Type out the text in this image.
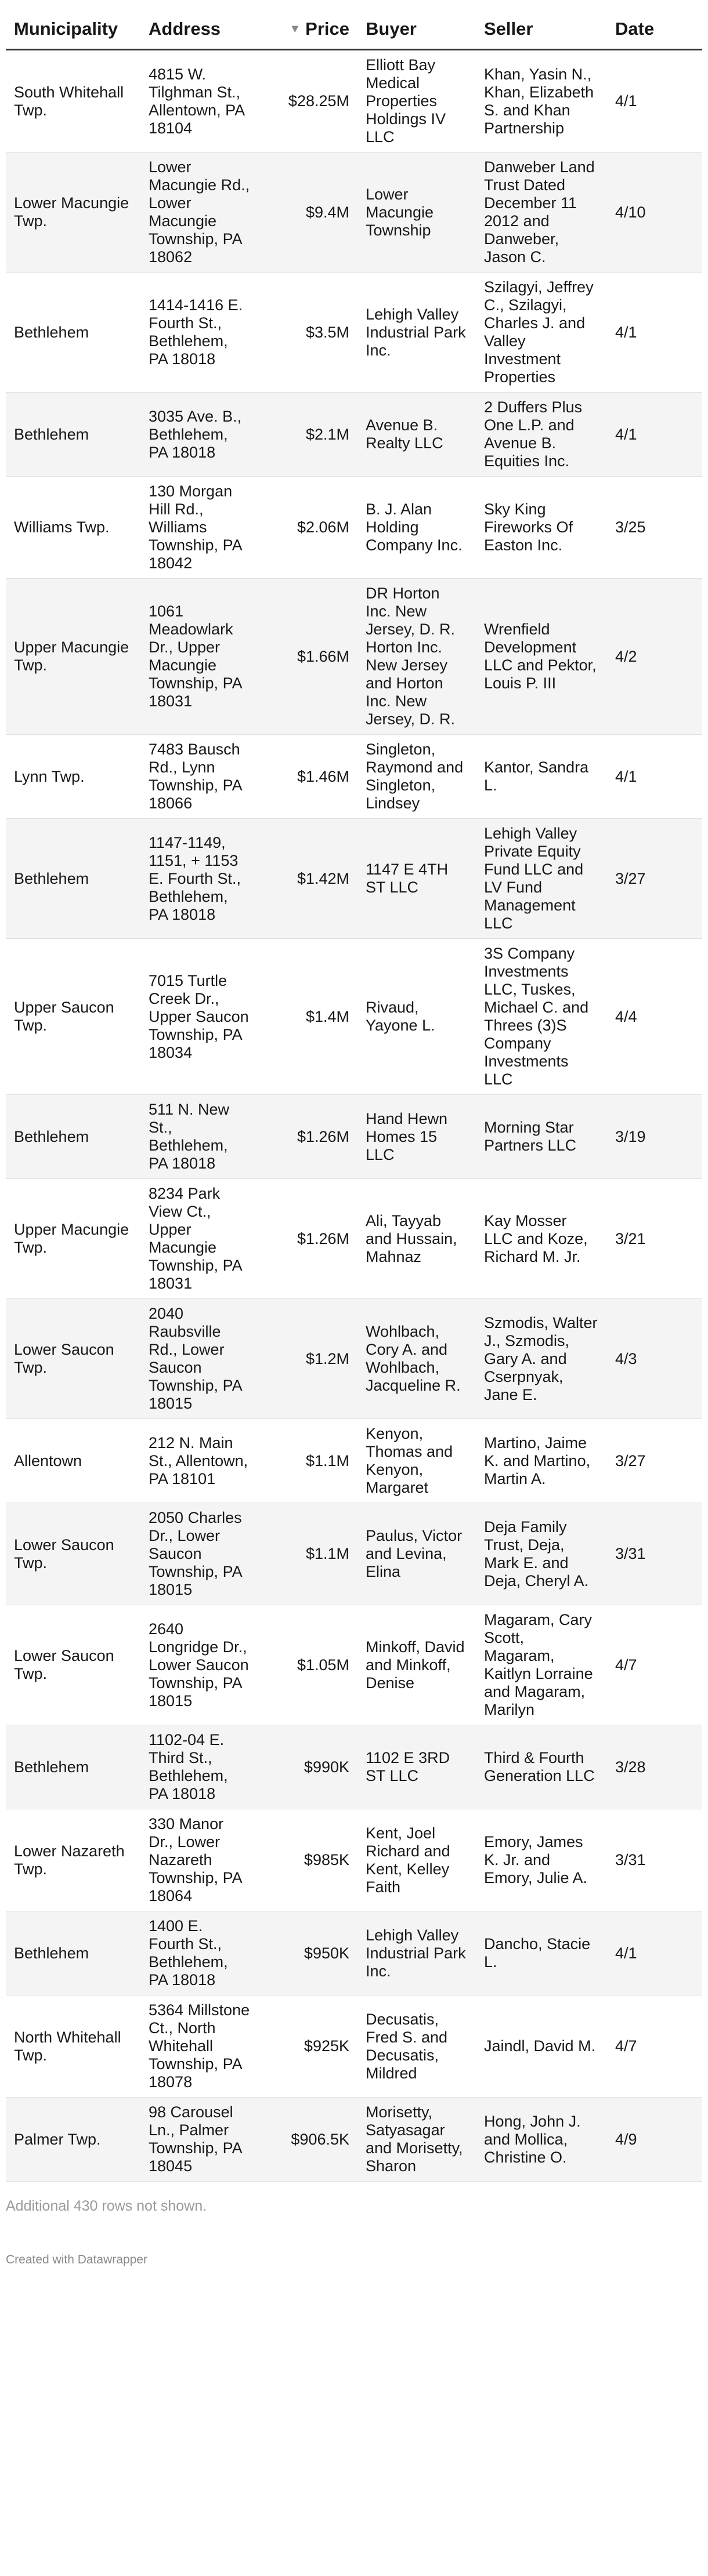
Municipality	Address	▼ Price	Buyer	Seller	Date
South Whitehall Twp.	4815 W. Tilghman St., Allentown, PA 18104	$28.25M	Elliott Bay Medical Properties Holdings IV LLC	Khan, Yasin N., Khan, Elizabeth S. and Khan Partnership	4/1
Lower Macungie Twp.	Lower Macungie Rd., Lower Macungie Township, PA 18062	$9.4M	Lower Macungie Township	Danweber Land Trust Dated December 11 2012 and Danweber, Jason C.	4/10
Bethlehem	1414-1416 E. Fourth St., Bethlehem, PA 18018	$3.5M	Lehigh Valley Industrial Park Inc.	Szilagyi, Jeffrey C., Szilagyi, Charles J. and Valley Investment Properties	4/1
Bethlehem	3035 Ave. B., Bethlehem, PA 18018	$2.1M	Avenue B. Realty LLC	2 Duffers Plus One L.P. and Avenue B. Equities Inc.	4/1
Williams Twp.	130 Morgan Hill Rd., Williams Township, PA 18042	$2.06M	B. J. Alan Holding Company Inc.	Sky King Fireworks Of Easton Inc.	3/25
Upper Macungie Twp.	1061 Meadowlark Dr., Upper Macungie Township, PA 18031	$1.66M	DR Horton Inc. New Jersey, D. R. Horton Inc. New Jersey and Horton Inc. New Jersey, D. R.	Wrenfield Development LLC and Pektor, Louis P. III	4/2
Lynn Twp.	7483 Bausch Rd., Lynn Township, PA 18066	$1.46M	Singleton, Raymond and Singleton, Lindsey	Kantor, Sandra L.	4/1
Bethlehem	1147-1149, 1151, + 1153 E. Fourth St., Bethlehem, PA 18018	$1.42M	1147 E 4TH ST LLC	Lehigh Valley Private Equity Fund LLC and LV Fund Management LLC	3/27
Upper Saucon Twp.	7015 Turtle Creek Dr., Upper Saucon Township, PA 18034	$1.4M	Rivaud, Yayone L.	3S Company Investments LLC, Tuskes, Michael C. and Threes (3)S Company Investments LLC	4/4
Bethlehem	511 N. New St., Bethlehem, PA 18018	$1.26M	Hand Hewn Homes 15 LLC	Morning Star Partners LLC	3/19
Upper Macungie Twp.	8234 Park View Ct., Upper Macungie Township, PA 18031	$1.26M	Ali, Tayyab and Hussain, Mahnaz	Kay Mosser LLC and Koze, Richard M. Jr.	3/21
Lower Saucon Twp.	2040 Raubsville Rd., Lower Saucon Township, PA 18015	$1.2M	Wohlbach, Cory A. and Wohlbach, Jacqueline R.	Szmodis, Walter J., Szmodis, Gary A. and Cserpnyak, Jane E.	4/3
Allentown	212 N. Main St., Allentown, PA 18101	$1.1M	Kenyon, Thomas and Kenyon, Margaret	Martino, Jaime K. and Martino, Martin A.	3/27
Lower Saucon Twp.	2050 Charles Dr., Lower Saucon Township, PA 18015	$1.1M	Paulus, Victor and Levina, Elina	Deja Family Trust, Deja, Mark E. and Deja, Cheryl A.	3/31
Lower Saucon Twp.	2640 Longridge Dr., Lower Saucon Township, PA 18015	$1.05M	Minkoff, David and Minkoff, Denise	Magaram, Cary Scott, Magaram, Kaitlyn Lorraine and Magaram, Marilyn	4/7
Bethlehem	1102-04 E. Third St., Bethlehem, PA 18018	$990K	1102 E 3RD ST LLC	Third & Fourth Generation LLC	3/28
Lower Nazareth Twp.	330 Manor Dr., Lower Nazareth Township, PA 18064	$985K	Kent, Joel Richard and Kent, Kelley Faith	Emory, James K. Jr. and Emory, Julie A.	3/31
Bethlehem	1400 E. Fourth St., Bethlehem, PA 18018	$950K	Lehigh Valley Industrial Park Inc.	Dancho, Stacie L.	4/1
North Whitehall Twp.	5364 Millstone Ct., North Whitehall Township, PA 18078	$925K	Decusatis, Fred S. and Decusatis, Mildred	Jaindl, David M.	4/7
Palmer Twp.	98 Carousel Ln., Palmer Township, PA 18045	$906.5K	Morisetty, Satyasagar and Morisetty, Sharon	Hong, John J. and Mollica, Christine O.	4/9

Additional 430 rows not shown.

Created with Datawrapper
